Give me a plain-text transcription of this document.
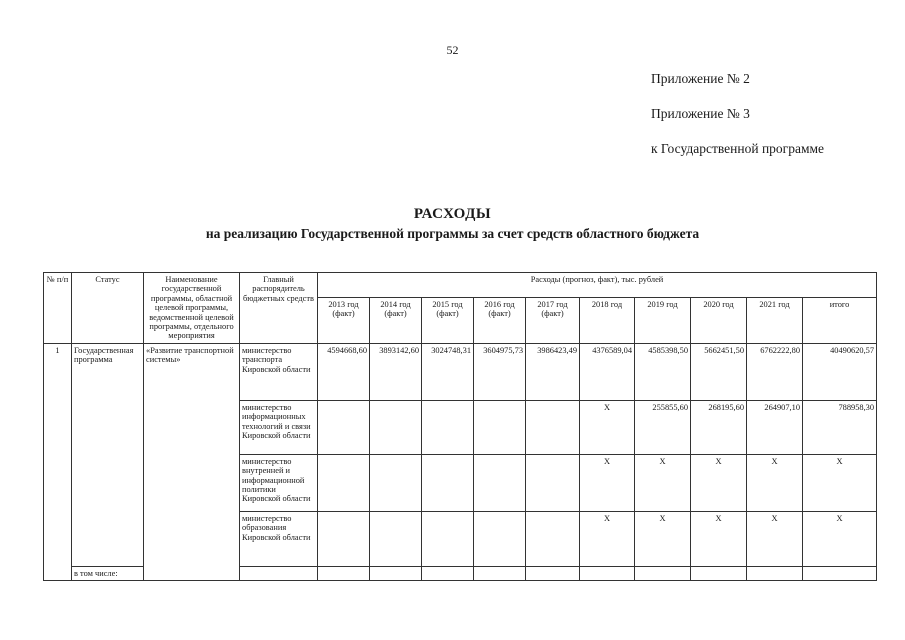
52
Приложение № 2
Приложение № 3
к Государственной программе
РАСХОДЫ
на реализацию Государственной программы за счет средств областного бюджета
№ п/п	Статус	Наименование государственной программы, областной целевой программы, ведомственной целевой программы, отдельного мероприятия	Главный распорядитель бюджетных средств	Расходы (прогноз, факт), тыс. рублей									
				2013 год (факт)	2014 год (факт)	2015 год (факт)	2016 год (факт)	2017 год (факт)	2018 год	2019 год	2020 год	2021 год	итого
1	Государственная программа	«Развитие транспортной системы»	министерство транспорта Кировской области	4594668,60	3893142,60	3024748,31	3604975,73	3986423,49	4376589,04	4585398,50	5662451,50	6762222,80	40490620,57
			министерство информационных технологий и связи Кировской области						X	255855,60	268195,60	264907,10	788958,30
			министерство внутренней и информационной политики Кировской области						X	X	X	X	X
			министерство образования Кировской области						X	X	X	X	X
	в том числе:												
